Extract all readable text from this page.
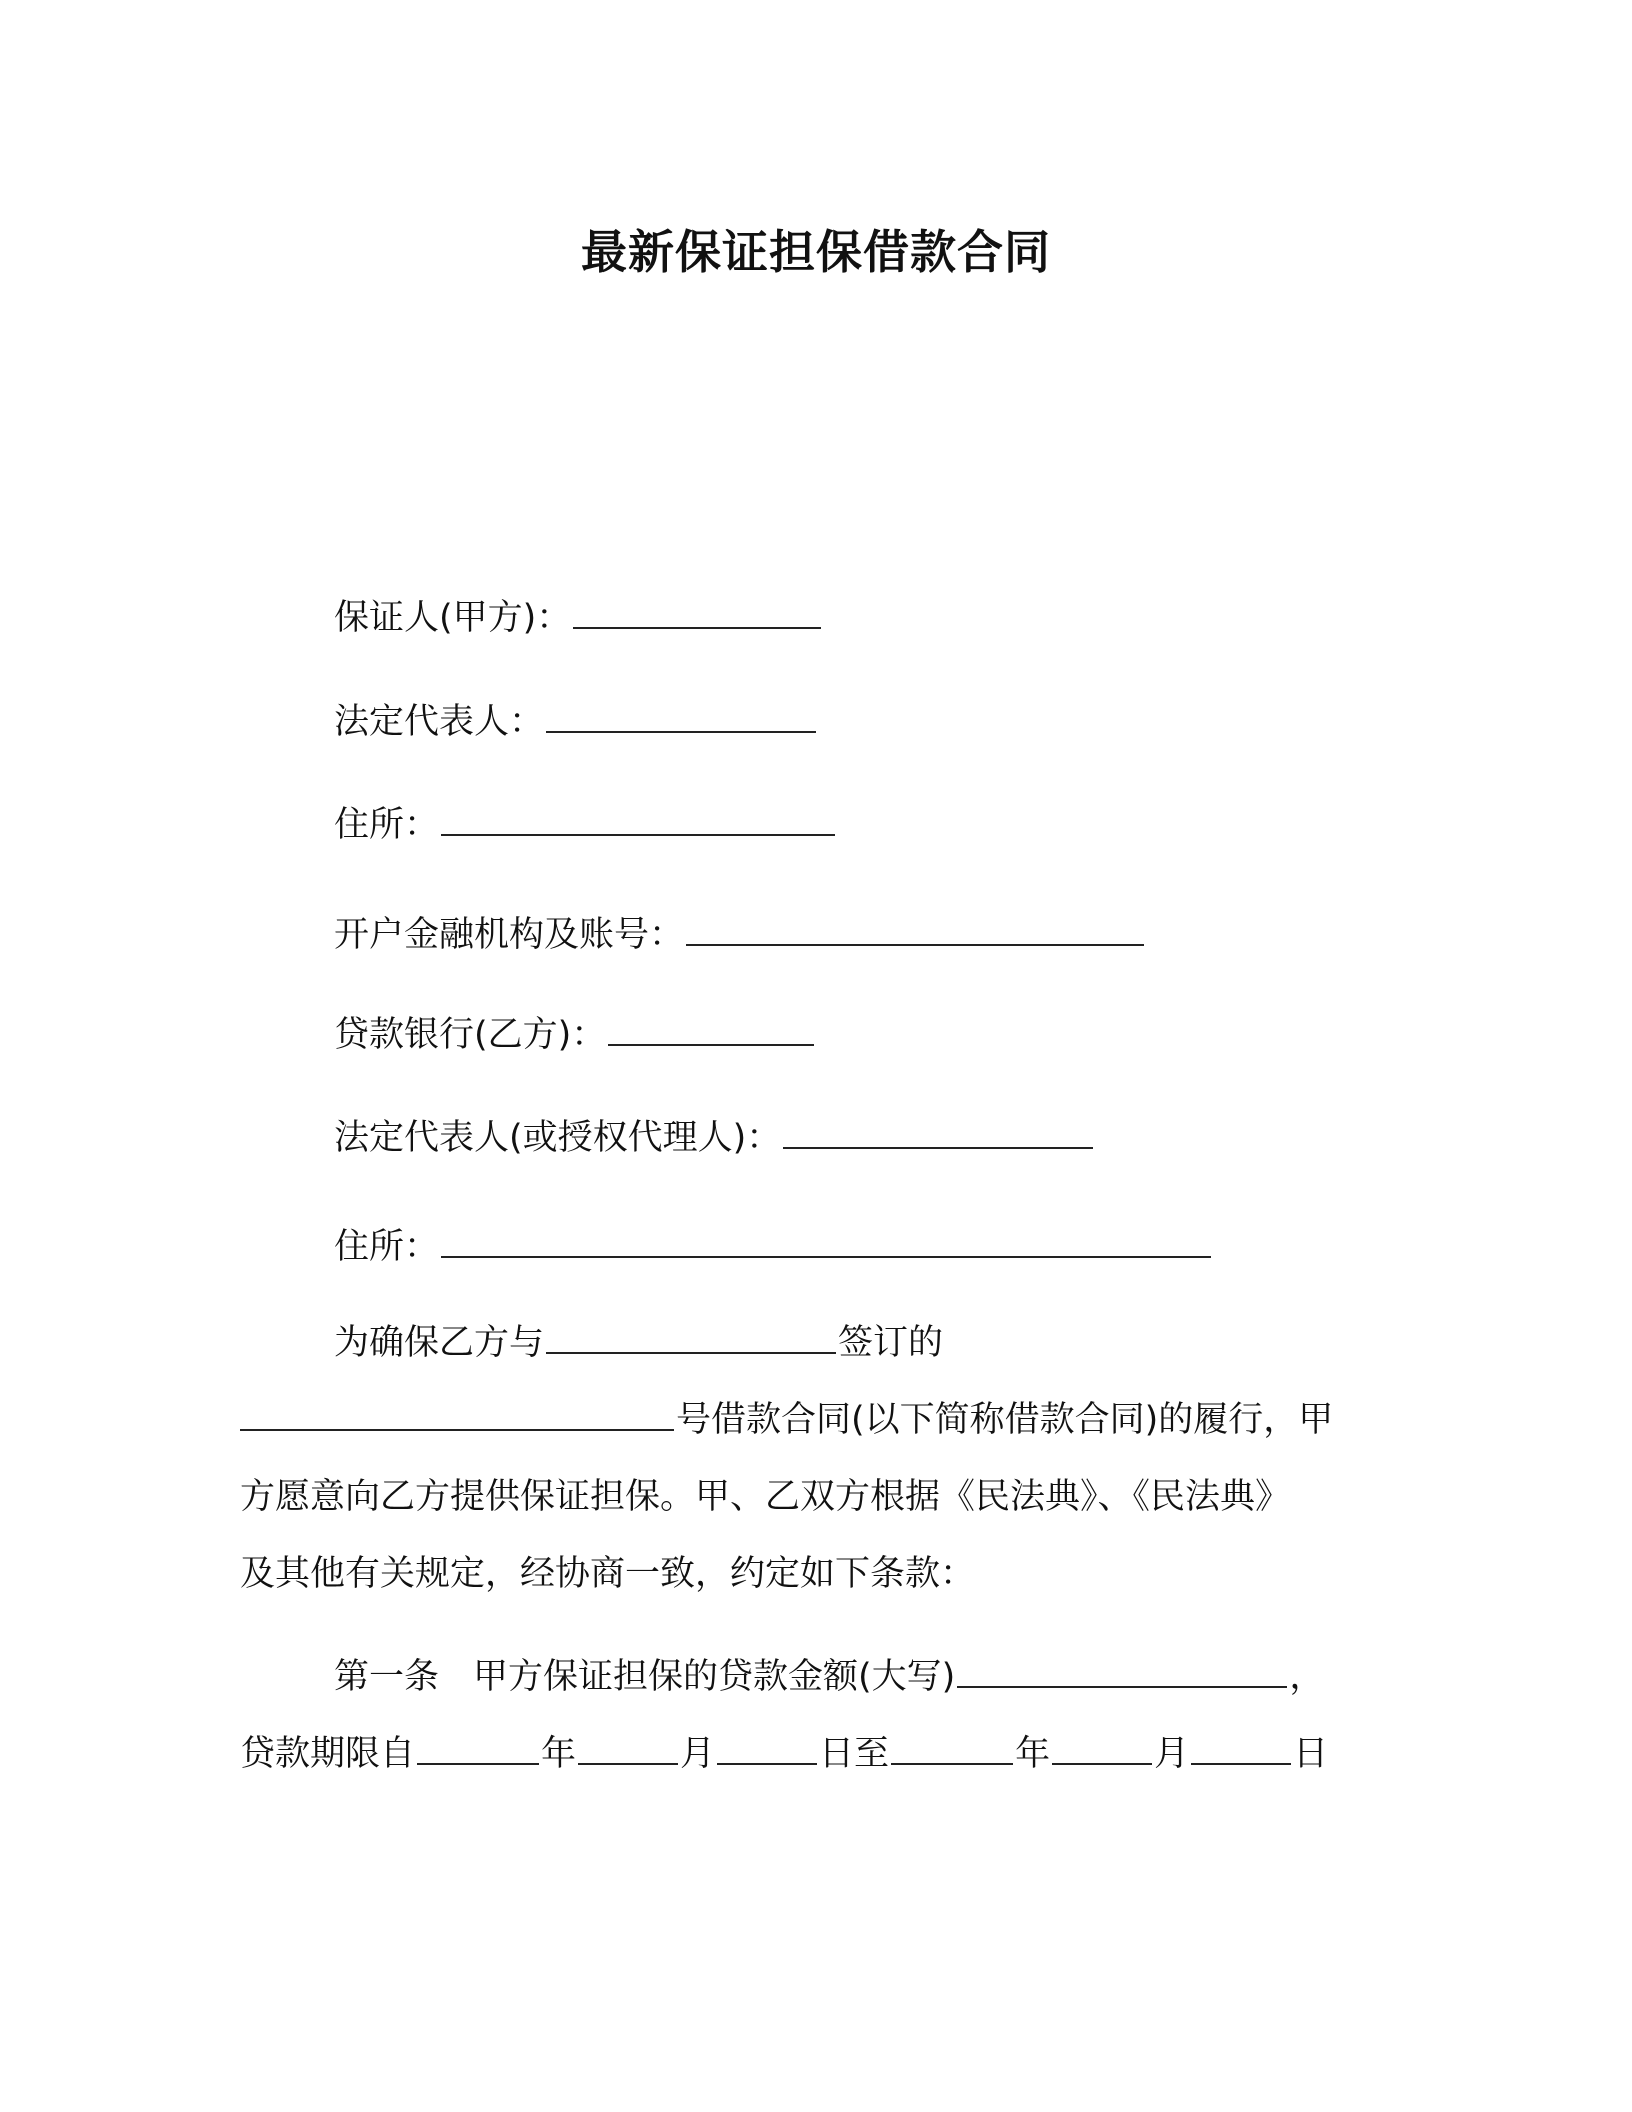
最新保证担保借款合同
保证人(甲方)：
法定代表人：
住所：
开户金融机构及账号：
贷款银行(乙方)：
法定代表人(或授权代理人)：
住所：
为确保乙方与	签订的
号借款合同(以下简称借款合同)的履行，甲
方愿意向乙方提供保证担保。甲、乙双方根据《民法典》、《民法典》
及其他有关规定，经协商一致，约定如下条款：
第一条 甲方保证担保的贷款金额(大写)	，
贷款期限自	年	月	日至	年	月	日
